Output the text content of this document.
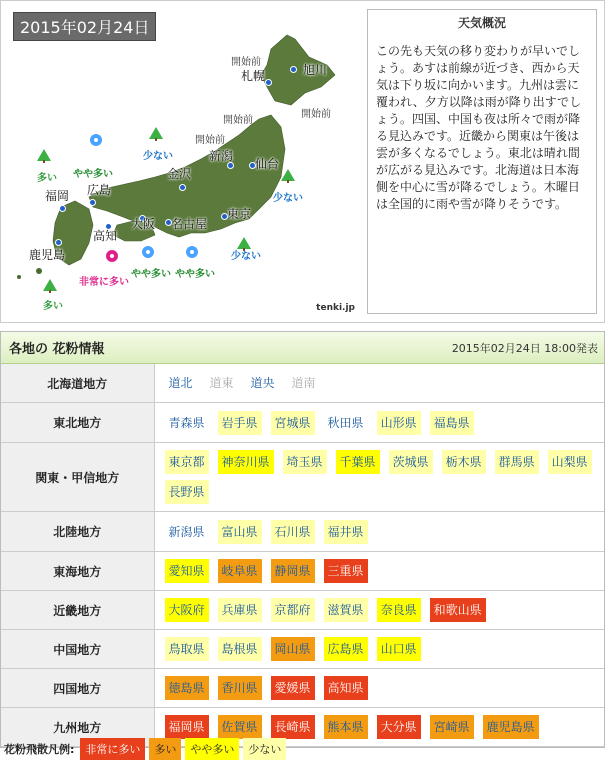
2015年02月24日
開始前
開始前
開始前
開始前
旭川
札幌
新潟
仙台
金沢
東京
名古屋
大阪
広島
福岡
高知
鹿児島
多い やや多い
少ない
少ない
少ない
非常に多い
やや多い やや多い
多い	tenki.jp
天気概況
この先も天気の移り変わりが早いでしょう。あすは前線が近づき、西から天気は下り坂に向かいます。九州は雲に覆われ、夕方以降は雨が降り出すでしょう。四国、中国も夜は所々で雨が降る見込みです。近畿から関東は午後は雲が多くなるでしょう。東北は晴れ間が広がる見込みです。北海道は日本海側を中心に雪が降るでしょう。木曜日は全国的に雨や雪が降りそうです。
各地の 花粉情報	2015年02月24日 18:00発表
北海道地方	道北 道東 道央 道南
東北地方	青森県 岩手県 宮城県 秋田県 山形県 福島県
関東・甲信地方	東京都 神奈川県 埼玉県 千葉県 茨城県 栃木県 群馬県 山梨県長野県
北陸地方	新潟県 富山県 石川県 福井県
東海地方	愛知県 岐阜県 静岡県 三重県
近畿地方	大阪府 兵庫県 京都府 滋賀県 奈良県 和歌山県
中国地方	鳥取県 島根県 岡山県 広島県 山口県
四国地方	徳島県 香川県 愛媛県 高知県
九州地方	福岡県 佐賀県 長崎県 熊本県 大分県 宮崎県 鹿児島県
花粉飛散凡例:	非常に多い	多い	やや多い	少ない
